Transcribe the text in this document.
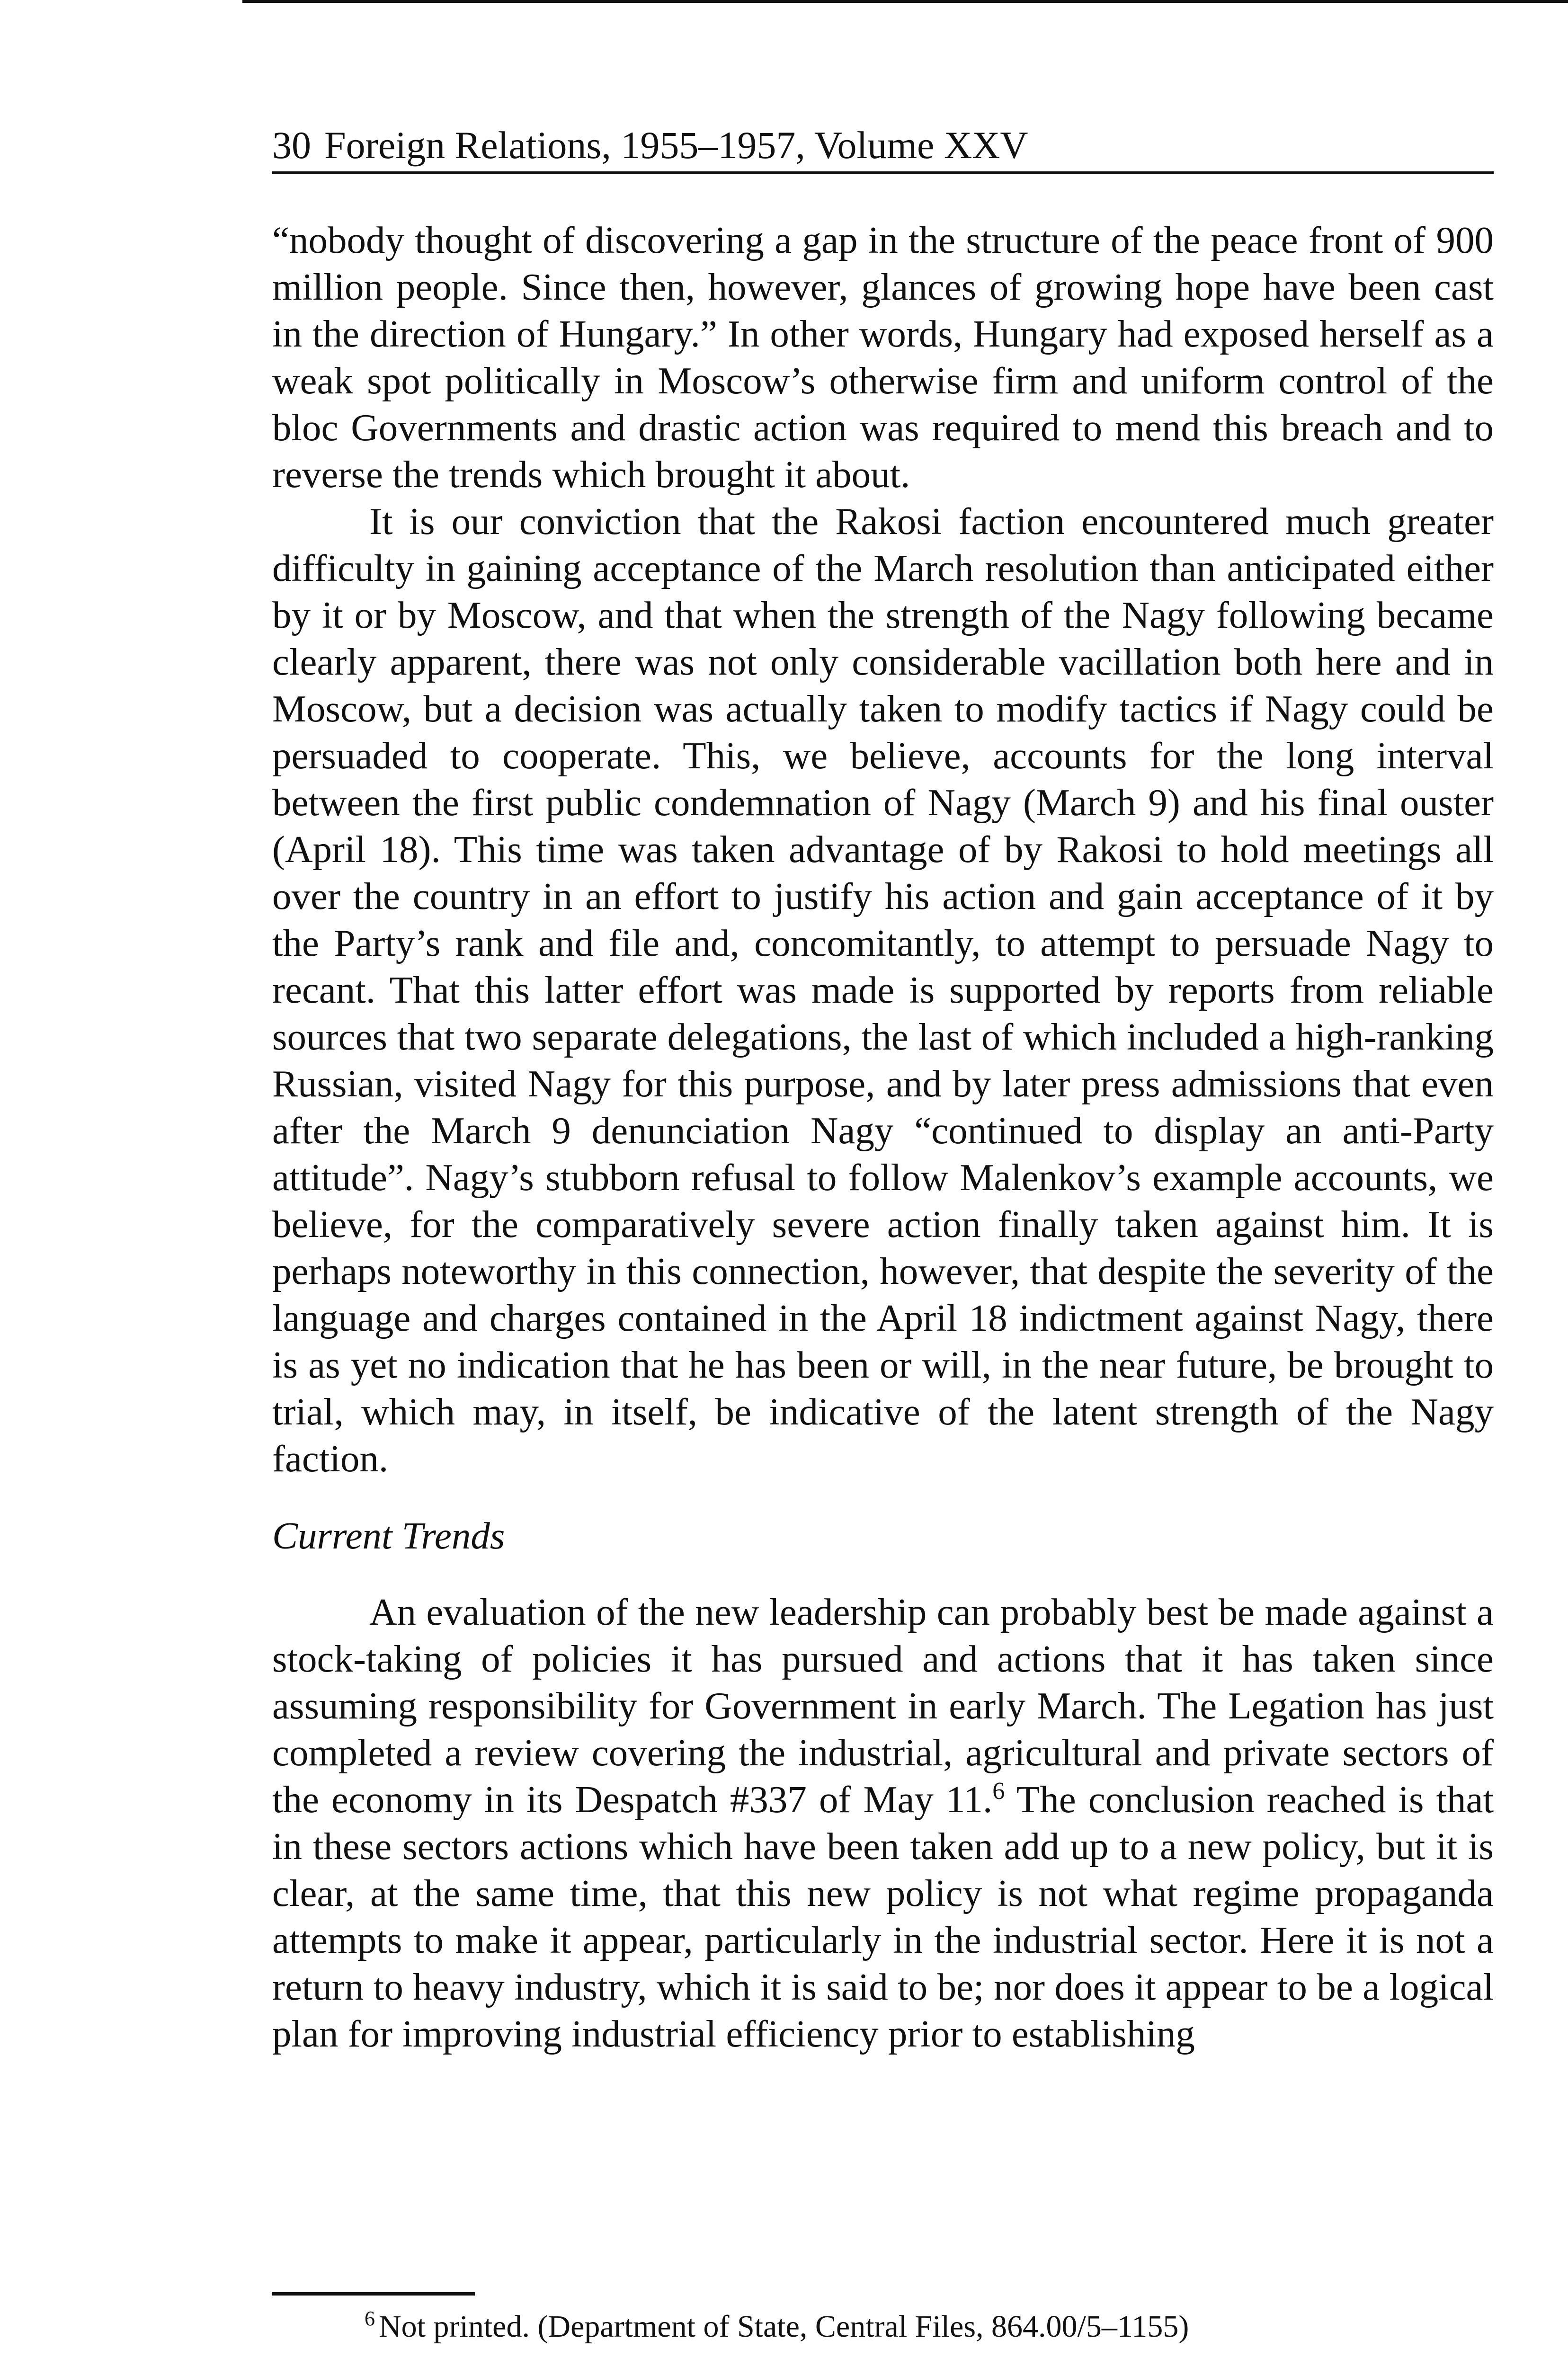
30 Foreign Relations, 1955–1957, Volume XXV

“nobody thought of discovering a gap in the structure of the peace front of 900 million people. Since then, however, glances of growing hope have been cast in the direction of Hungary.” In other words, Hungary had exposed herself as a weak spot politically in Moscow’s otherwise firm and uniform control of the bloc Governments and drastic action was required to mend this breach and to reverse the trends which brought it about.

It is our conviction that the Rakosi faction encountered much greater difficulty in gaining acceptance of the March resolution than anticipated either by it or by Moscow, and that when the strength of the Nagy following became clearly apparent, there was not only considerable vacillation both here and in Moscow, but a decision was actually taken to modify tactics if Nagy could be persuaded to cooperate. This, we believe, accounts for the long interval between the first public condemnation of Nagy (March 9) and his final ouster (April 18). This time was taken advantage of by Rakosi to hold meetings all over the country in an effort to justify his action and gain acceptance of it by the Party’s rank and file and, concomitantly, to attempt to persuade Nagy to recant. That this latter effort was made is supported by reports from reliable sources that two separate delegations, the last of which included a high-ranking Russian, visited Nagy for this purpose, and by later press admissions that even after the March 9 denunciation Nagy “continued to display an anti-Party attitude”. Nagy’s stubborn refusal to follow Malenkov’s example accounts, we believe, for the comparatively severe action finally taken against him. It is perhaps noteworthy in this connection, however, that despite the severity of the language and charges contained in the April 18 indictment against Nagy, there is as yet no indication that he has been or will, in the near future, be brought to trial, which may, in itself, be indicative of the latent strength of the Nagy faction.

Current Trends

An evaluation of the new leadership can probably best be made against a stock-taking of policies it has pursued and actions that it has taken since assuming responsibility for Government in early March. The Legation has just completed a review covering the industrial, agricultural and private sectors of the economy in its Despatch #337 of May 11.$^6$ The conclusion reached is that in these sectors actions which have been taken add up to a new policy, but it is clear, at the same time, that this new policy is not what regime propaganda attempts to make it appear, particularly in the industrial sector. Here it is not a return to heavy industry, which it is said to be; nor does it appear to be a logical plan for improving industrial efficiency prior to establishing

$^6$ Not printed. (Department of State, Central Files, 864.00/5–1155)
